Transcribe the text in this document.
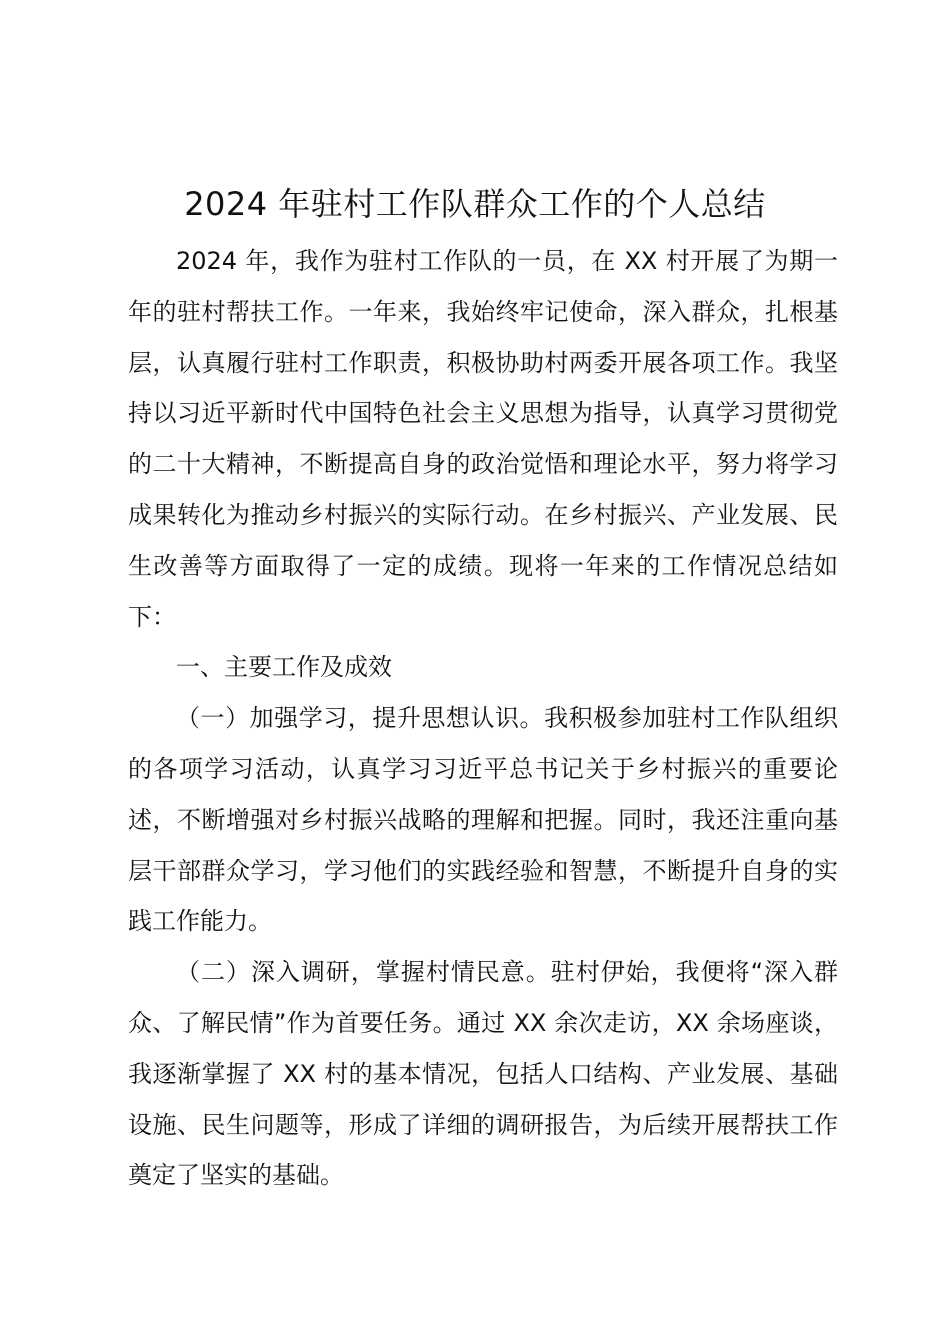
2024 年驻村工作队群众工作的个人总结

2024 年，我作为驻村工作队的一员，在 XX 村开展了为期一年的驻村帮扶工作。一年来，我始终牢记使命，深入群众，扎根基层，认真履行驻村工作职责，积极协助村两委开展各项工作。我坚持以习近平新时代中国特色社会主义思想为指导，认真学习贯彻党的二十大精神，不断提高自身的政治觉悟和理论水平，努力将学习成果转化为推动乡村振兴的实际行动。在乡村振兴、产业发展、民生改善等方面取得了一定的成绩。现将一年来的工作情况总结如下：

一、主要工作及成效

（一）加强学习，提升思想认识。我积极参加驻村工作队组织的各项学习活动，认真学习习近平总书记关于乡村振兴的重要论述，不断增强对乡村振兴战略的理解和把握。同时，我还注重向基层干部群众学习，学习他们的实践经验和智慧，不断提升自身的实践工作能力。

（二）深入调研，掌握村情民意。驻村伊始，我便将“深入群众、了解民情”作为首要任务。通过 XX 余次走访，XX 余场座谈，我逐渐掌握了 XX 村的基本情况，包括人口结构、产业发展、基础设施、民生问题等，形成了详细的调研报告，为后续开展帮扶工作奠定了坚实的基础。
